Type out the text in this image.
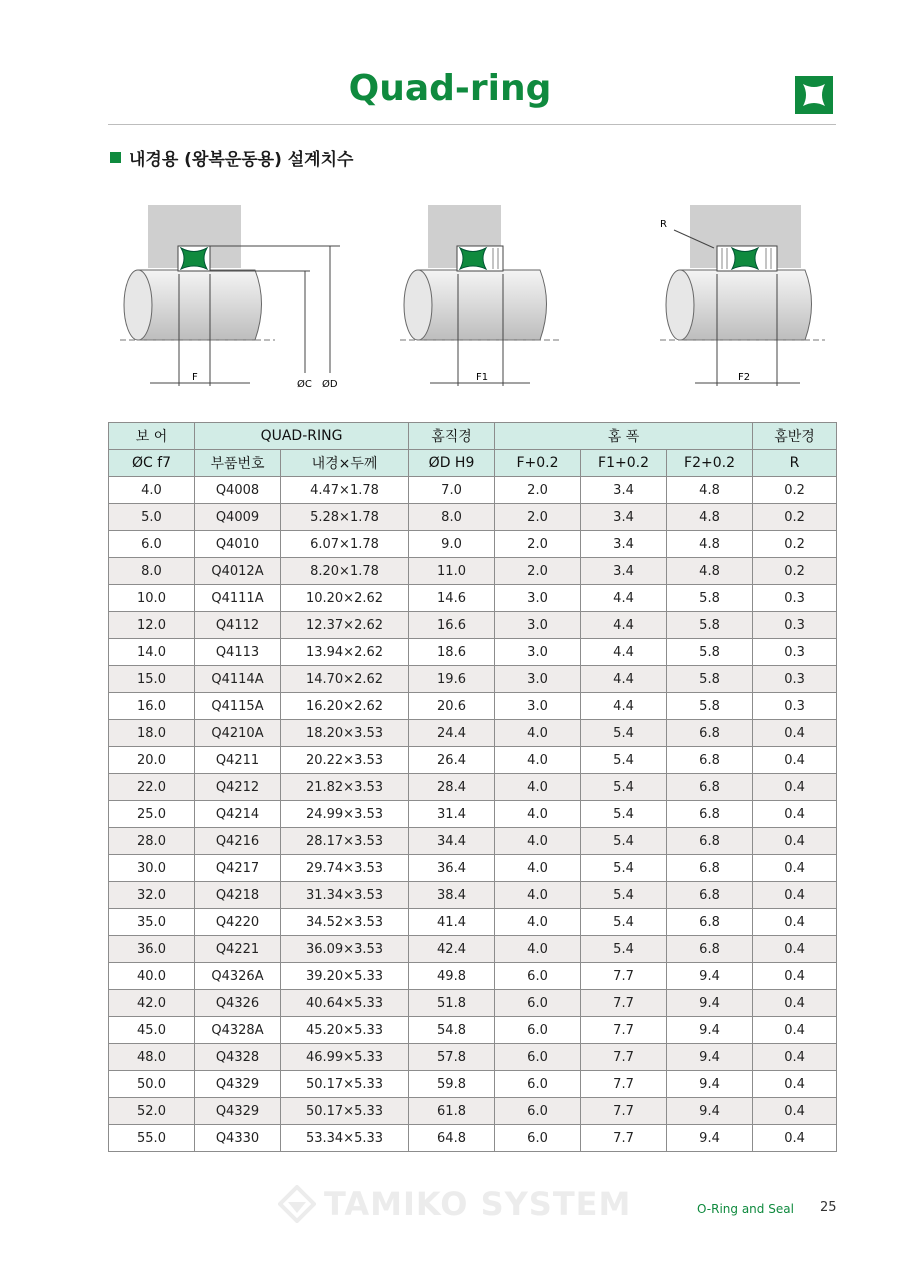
Quad-ring
내경용 (왕복운동용) 설계치수
F
ØC ØD
F1
R
F2
보 어	QUAD-RING		홈직경	홈 폭			홈반경
ØC f7	부품번호	내경×두께	ØD H9	F+0.2	F1+0.2	F2+0.2	R
4.0	Q4008	4.47×1.78	7.0	2.0	3.4	4.8	0.2
5.0	Q4009	5.28×1.78	8.0	2.0	3.4	4.8	0.2
6.0	Q4010	6.07×1.78	9.0	2.0	3.4	4.8	0.2
8.0	Q4012A	8.20×1.78	11.0	2.0	3.4	4.8	0.2
10.0	Q4111A	10.20×2.62	14.6	3.0	4.4	5.8	0.3
12.0	Q4112	12.37×2.62	16.6	3.0	4.4	5.8	0.3
14.0	Q4113	13.94×2.62	18.6	3.0	4.4	5.8	0.3
15.0	Q4114A	14.70×2.62	19.6	3.0	4.4	5.8	0.3
16.0	Q4115A	16.20×2.62	20.6	3.0	4.4	5.8	0.3
18.0	Q4210A	18.20×3.53	24.4	4.0	5.4	6.8	0.4
20.0	Q4211	20.22×3.53	26.4	4.0	5.4	6.8	0.4
22.0	Q4212	21.82×3.53	28.4	4.0	5.4	6.8	0.4
25.0	Q4214	24.99×3.53	31.4	4.0	5.4	6.8	0.4
28.0	Q4216	28.17×3.53	34.4	4.0	5.4	6.8	0.4
30.0	Q4217	29.74×3.53	36.4	4.0	5.4	6.8	0.4
32.0	Q4218	31.34×3.53	38.4	4.0	5.4	6.8	0.4
35.0	Q4220	34.52×3.53	41.4	4.0	5.4	6.8	0.4
36.0	Q4221	36.09×3.53	42.4	4.0	5.4	6.8	0.4
40.0	Q4326A	39.20×5.33	49.8	6.0	7.7	9.4	0.4
42.0	Q4326	40.64×5.33	51.8	6.0	7.7	9.4	0.4
45.0	Q4328A	45.20×5.33	54.8	6.0	7.7	9.4	0.4
48.0	Q4328	46.99×5.33	57.8	6.0	7.7	9.4	0.4
50.0	Q4329	50.17×5.33	59.8	6.0	7.7	9.4	0.4
52.0	Q4329	50.17×5.33	61.8	6.0	7.7	9.4	0.4
55.0	Q4330	53.34×5.33	64.8	6.0	7.7	9.4	0.4
TAMIKO SYSTEM	O-Ring and Seal 25
